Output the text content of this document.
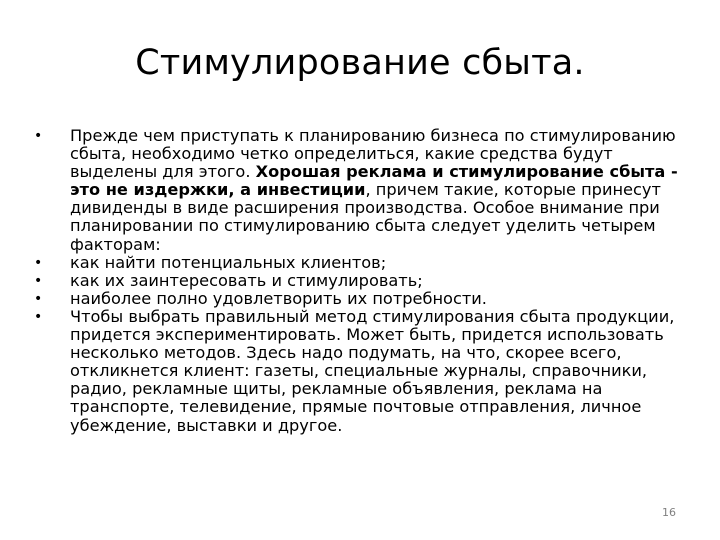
Стимулирование сбыта.
•	Прежде чем приступать к планированию бизнеса по стимулированию сбыта, необходимо четко определиться, какие средства будут выделены для этого. Хорошая реклама и стимулирование сбыта - это не издержки, а инвестиции, причем такие, которые принесут дивиденды в виде расширения производства. Особое внимание при планировании по стимулированию сбыта следует уделить четырем факторам:
•	как найти потенциальных клиентов;
•	как их заинтересовать и стимулировать;
•	наиболее полно удовлетворить их потребности.
•	Чтобы выбрать правильный метод стимулирования сбыта продукции, придется экспериментировать. Может быть, придется использовать несколько методов. Здесь надо подумать, на что, скорее всего, откликнется клиент: газеты, специальные журналы, справочники, радио, рекламные щиты, рекламные объявления, реклама на транспорте, телевидение, прямые почтовые отправления, личное убеждение, выставки и другое.
16
